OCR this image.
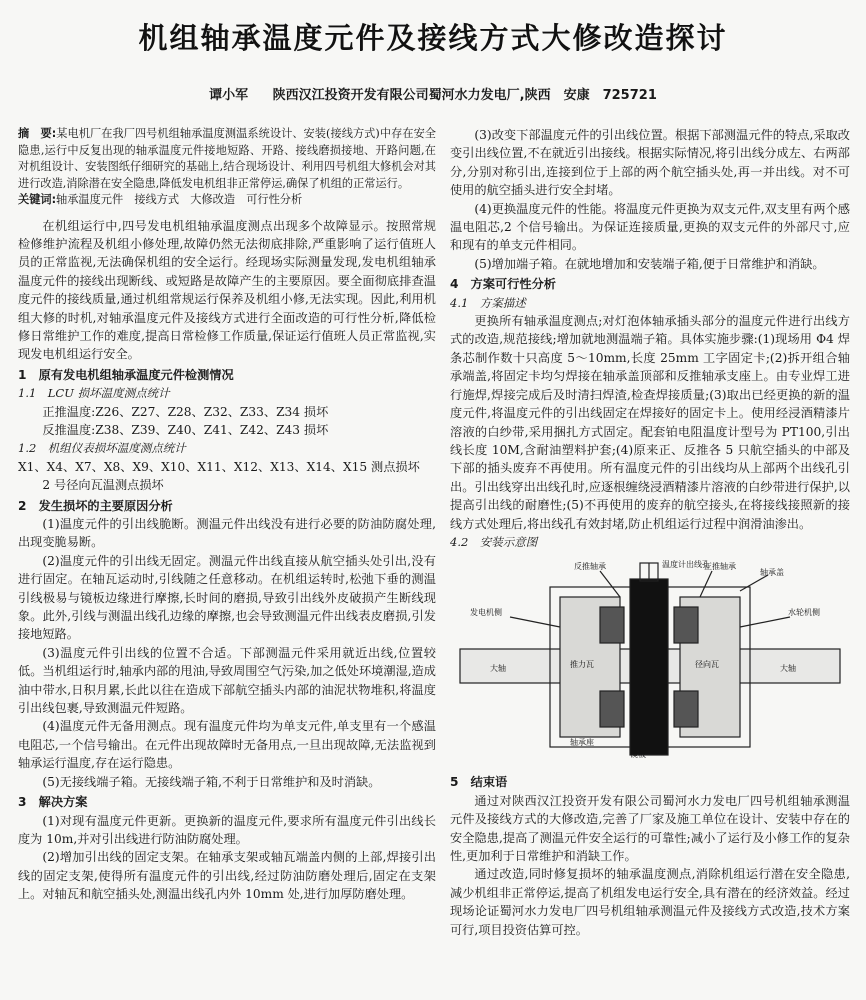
机组轴承温度元件及接线方式大修改造探讨
谭小军 陕西汉江投资开发有限公司蜀河水力发电厂,陕西　安康　725721

摘　要:某电机厂在我厂四号机组轴承温度测温系统设计、安装(接线方式)中存在安全隐患,运行中反复出现的轴承温度元件接地短路、开路、接线磨损接地、开路问题,在对机组设计、安装图纸仔细研究的基础上,结合现场设计、利用四号机组大修机会对其进行改造,消除潜在安全隐患,降低发电机组非正常停运,确保了机组的正常运行。

关键词:轴承温度元件　接线方式　大修改造　可行性分析

在机组运行中,四号发电机组轴承温度测点出现多个故障显示。按照常规检修维护流程及机组小修处理,故障仍然无法彻底排除,严重影响了运行值班人员的正常监视,无法确保机组的安全运行。经现场实际测量发现,发电机组轴承温度元件的接线出现断线、或短路是故障产生的主要原因。要全面彻底排查温度元件的接线质量,通过机组常规运行保养及机组小修,无法实现。因此,利用机组大修的时机,对轴承温度元件及接线方式进行全面改造的可行性分析,降低检修日常维护工作的难度,提高日常检修工作质量,保证运行值班人员正常监视,实现发电机组运行安全。

1　原有发电机组轴承温度元件检测情况
1.1　LCU 损坏温度测点统计

正推温度:Z26、Z27、Z28、Z32、Z33、Z34 损坏

反推温度:Z38、Z39、Z40、Z41、Z42、Z43 损坏

1.2　机组仪表损坏温度测点统计

X1、X4、X7、X8、X9、X10、X11、X12、X13、X14、X15 测点损坏

2 号径向瓦温测点损坏

2　发生损坏的主要原因分析

(1)温度元件的引出线脆断。测温元件出线没有进行必要的防油防腐处理,出现变脆易断。

(2)温度元件的引出线无固定。测温元件出线直接从航空插头处引出,没有进行固定。在轴瓦运动时,引线随之任意移动。在机组运转时,松弛下垂的测温引线极易与镜板边缘进行摩擦,长时间的磨损,导致引出线外皮破损产生断线现象。此外,引线与测温出线孔边缘的摩擦,也会导致测温元件出线表皮磨损,引发接地短路。

(3)温度元件引出线的位置不合适。下部测温元件采用就近出线,位置较低。当机组运行时,轴承内部的甩油,导致周围空气污染,加之低处环境潮湿,造成油中带水,日积月累,长此以往在造成下部航空插头内部的油泥状物堆积,将温度引出线包裹,导致测温元件短路。

(4)温度元件无备用测点。现有温度元件均为单支元件,单支里有一个感温电阻芯,一个信号输出。在元件出现故障时无备用点,一旦出现故障,无法监视到轴承运行温度,存在运行隐患。

(5)无接线端子箱。无接线端子箱,不利于日常维护和及时消缺。

3　解决方案

(1)对现有温度元件更新。更换新的温度元件,要求所有温度元件引出线长度为 10m,并对引出线进行防油防腐处理。

(2)增加引出线的固定支架。在轴承支架或轴瓦端盖内侧的上部,焊接引出线的固定支架,使得所有温度元件的引出线,经过防油防磨处理后,固定在支架上。对轴瓦和航空插头处,测温出线孔内外 10mm 处,进行加厚防磨处理。

(3)改变下部温度元件的引出线位置。根据下部测温元件的特点,采取改变引出线位置,不在就近引出接线。根据实际情况,将引出线分成左、右两部分,分别对称引出,连接到位于上部的两个航空插头处,再一并出线。对不可使用的航空插头进行安全封堵。

(4)更换温度元件的性能。将温度元件更换为双支元件,双支里有两个感温电阻芯,2 个信号输出。为保证连接质量,更换的双支元件的外部尺寸,应和现有的单支元件相同。

(5)增加端子箱。在就地增加和安装端子箱,便于日常维护和消缺。

4　方案可行性分析
4.1　方案描述

更换所有轴承温度测点;对灯泡体轴承插头部分的温度元件进行出线方式的改造,规范接线;增加就地测温端子箱。具体实施步骤:(1)现场用 Φ4 焊条芯制作数十只高度 5～10mm,长度 25mm 工字固定卡;(2)拆开组合轴承端盖,将固定卡均匀焊接在轴承盖顶部和反推轴承支座上。由专业焊工进行施焊,焊接完成后及时清扫焊渣,检查焊接质量;(3)取出已经更换的新的温度元件,将温度元件的引出线固定在焊接好的固定卡上。使用经浸酒精漆片溶液的白纱带,采用捆扎方式固定。配套铂电阻温度计型号为 PT100,引出线长度 10M,含耐油塑料护套;(4)原来正、反推各 5 只航空插头的中部及下部的插头废弃不再使用。所有温度元件的引出线均从上部两个出线孔引出。引出线穿出出线孔时,应逐根缠绕浸酒精漆片溶液的白纱带进行保护,以提高引出线的耐磨性;(5)不再使用的废弃的航空接头,在将接线接照新的接线方式处理后,将出线孔有效封堵,防止机组运行过程中润滑油渗出。

4.2　安装示意图
反推轴承
镜板
温度计出线孔
正推轴承
发电机侧	水轮机侧
轴承盖
大轴	大轴
推力瓦	径向瓦
轴承座
5　结束语

通过对陕西汉江投资开发有限公司蜀河水力发电厂四号机组轴承测温元件及接线方式的大修改造,完善了厂家及施工单位在设计、安装中存在的安全隐患,提高了测温元件安全运行的可靠性;减小了运行及小修工作的复杂性,更加利于日常维护和消缺工作。

通过改造,同时修复损坏的轴承温度测点,消除机组运行潜在安全隐患,减少机组非正常停运,提高了机组发电运行安全,具有潜在的经济效益。经过现场论证蜀河水力发电厂四号机组轴承测温元件及接线方式改造,技术方案可行,项目投资估算可控。
